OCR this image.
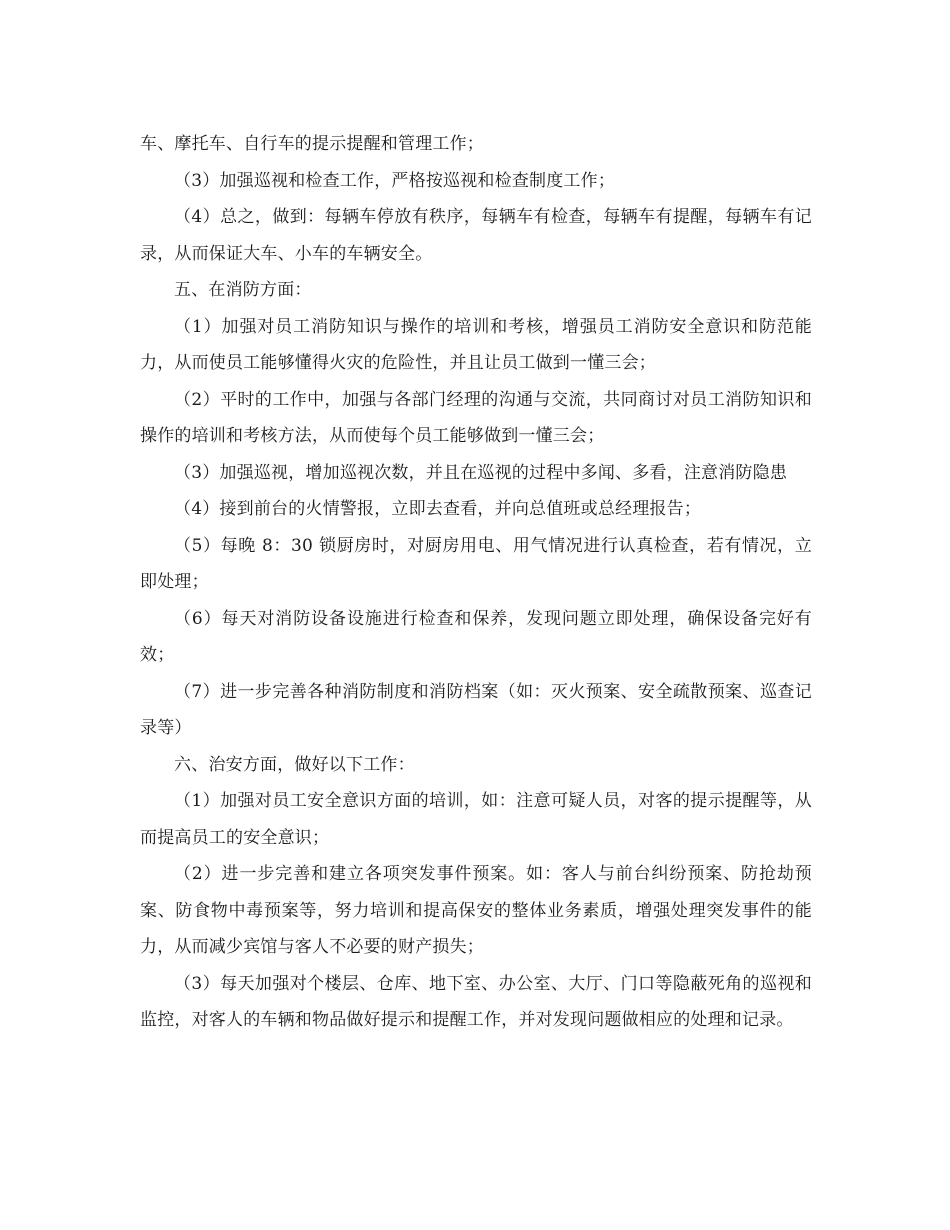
车、摩托车、自行车的提示提醒和管理工作；

（3）加强巡视和检查工作，严格按巡视和检查制度工作；

（4）总之，做到：每辆车停放有秩序，每辆车有检查，每辆车有提醒，每辆车有记录，从而保证大车、小车的车辆安全。

五、在消防方面：

（1）加强对员工消防知识与操作的培训和考核，增强员工消防安全意识和防范能力，从而使员工能够懂得火灾的危险性，并且让员工做到一懂三会；

（2）平时的工作中，加强与各部门经理的沟通与交流，共同商讨对员工消防知识和操作的培训和考核方法，从而使每个员工能够做到一懂三会；

（3）加强巡视，增加巡视次数，并且在巡视的过程中多闻、多看，注意消防隐患

（4）接到前台的火情警报，立即去查看，并向总值班或总经理报告；

（5）每晚 8：30 锁厨房时，对厨房用电、用气情况进行认真检查，若有情况，立即处理；

（6）每天对消防设备设施进行检查和保养，发现问题立即处理，确保设备完好有效；

（7）进一步完善各种消防制度和消防档案（如：灭火预案、安全疏散预案、巡查记录等）

六、治安方面，做好以下工作：

（1）加强对员工安全意识方面的培训，如：注意可疑人员，对客的提示提醒等，从而提高员工的安全意识；

（2）进一步完善和建立各项突发事件预案。如：客人与前台纠纷预案、防抢劫预案、防食物中毒预案等，努力培训和提高保安的整体业务素质，增强处理突发事件的能力，从而减少宾馆与客人不必要的财产损失；

（3）每天加强对个楼层、仓库、地下室、办公室、大厅、门口等隐蔽死角的巡视和监控，对客人的车辆和物品做好提示和提醒工作，并对发现问题做相应的处理和记录。
